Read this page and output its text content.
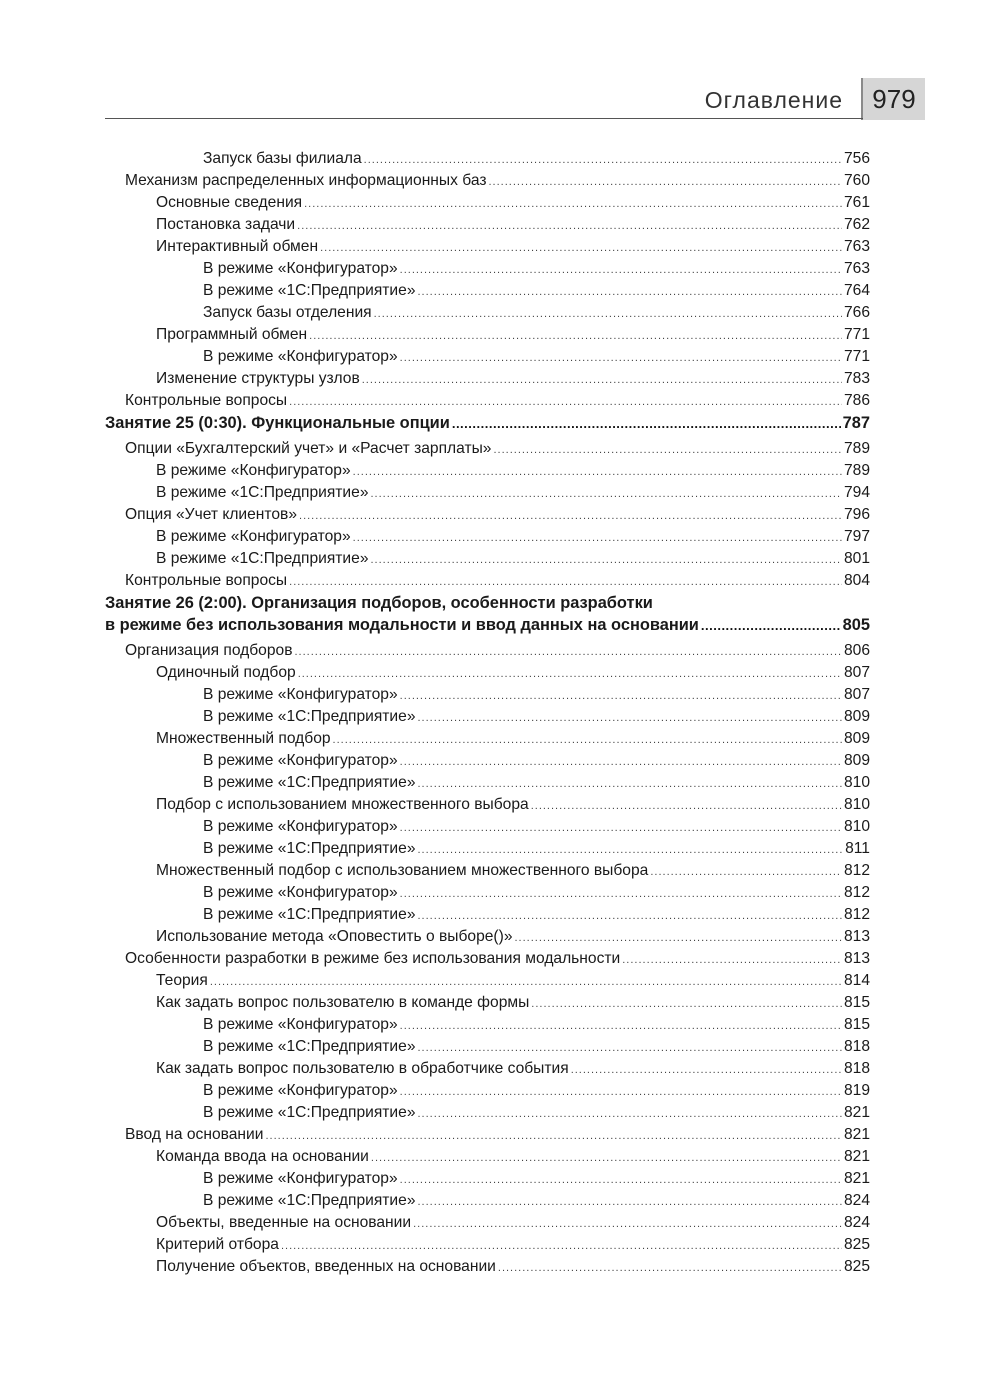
Оглавление	979
Запуск базы филиала .....	756
Механизм распределенных информационных баз .....	760
Основные сведения .....	761
Постановка задачи .....	762
Интерактивный обмен .....	763
В режиме «Конфигуратор» .....	763
В режиме «1С:Предприятие» .....	764
Запуск базы отделения .....	766
Программный обмен .....	771
В режиме «Конфигуратор» .....	771
Изменение структуры узлов .....	783
Контрольные вопросы .....	786
Занятие 25 (0:30). Функциональные опции .....	787
Опции «Бухгалтерский учет» и «Расчет зарплаты» .....	789
В режиме «Конфигуратор» .....	789
В режиме «1С:Предприятие» .....	794
Опция «Учет клиентов» .....	796
В режиме «Конфигуратор» .....	797
В режиме «1С:Предприятие» .....	801
Контрольные вопросы .....	804
Занятие 26 (2:00). Организация подборов, особенности разработки
в режиме без использования модальности и ввод данных на основании .....	805
Организация подборов .....	806
Одиночный подбор .....	807
В режиме «Конфигуратор» .....	807
В режиме «1С:Предприятие» .....	809
Множественный подбор .....	809
В режиме «Конфигуратор» .....	809
В режиме «1С:Предприятие» .....	810
Подбор с использованием множественного выбора .....	810
В режиме «Конфигуратор» .....	810
В режиме «1С:Предприятие» .....	811
Множественный подбор с использованием множественного выбора .....	812
В режиме «Конфигуратор» .....	812
В режиме «1С:Предприятие» .....	812
Использование метода «Оповестить о выборе()» .....	813
Особенности разработки в режиме без использования модальности .....	813
Теория .....	814
Как задать вопрос пользователю в команде формы .....	815
В режиме «Конфигуратор» .....	815
В режиме «1С:Предприятие» .....	818
Как задать вопрос пользователю в обработчике события .....	818
В режиме «Конфигуратор» .....	819
В режиме «1С:Предприятие» .....	821
Ввод на основании .....	821
Команда ввода на основании .....	821
В режиме «Конфигуратор» .....	821
В режиме «1С:Предприятие» .....	824
Объекты, введенные на основании .....	824
Критерий отбора .....	825
Получение объектов, введенных на основании .....	825
